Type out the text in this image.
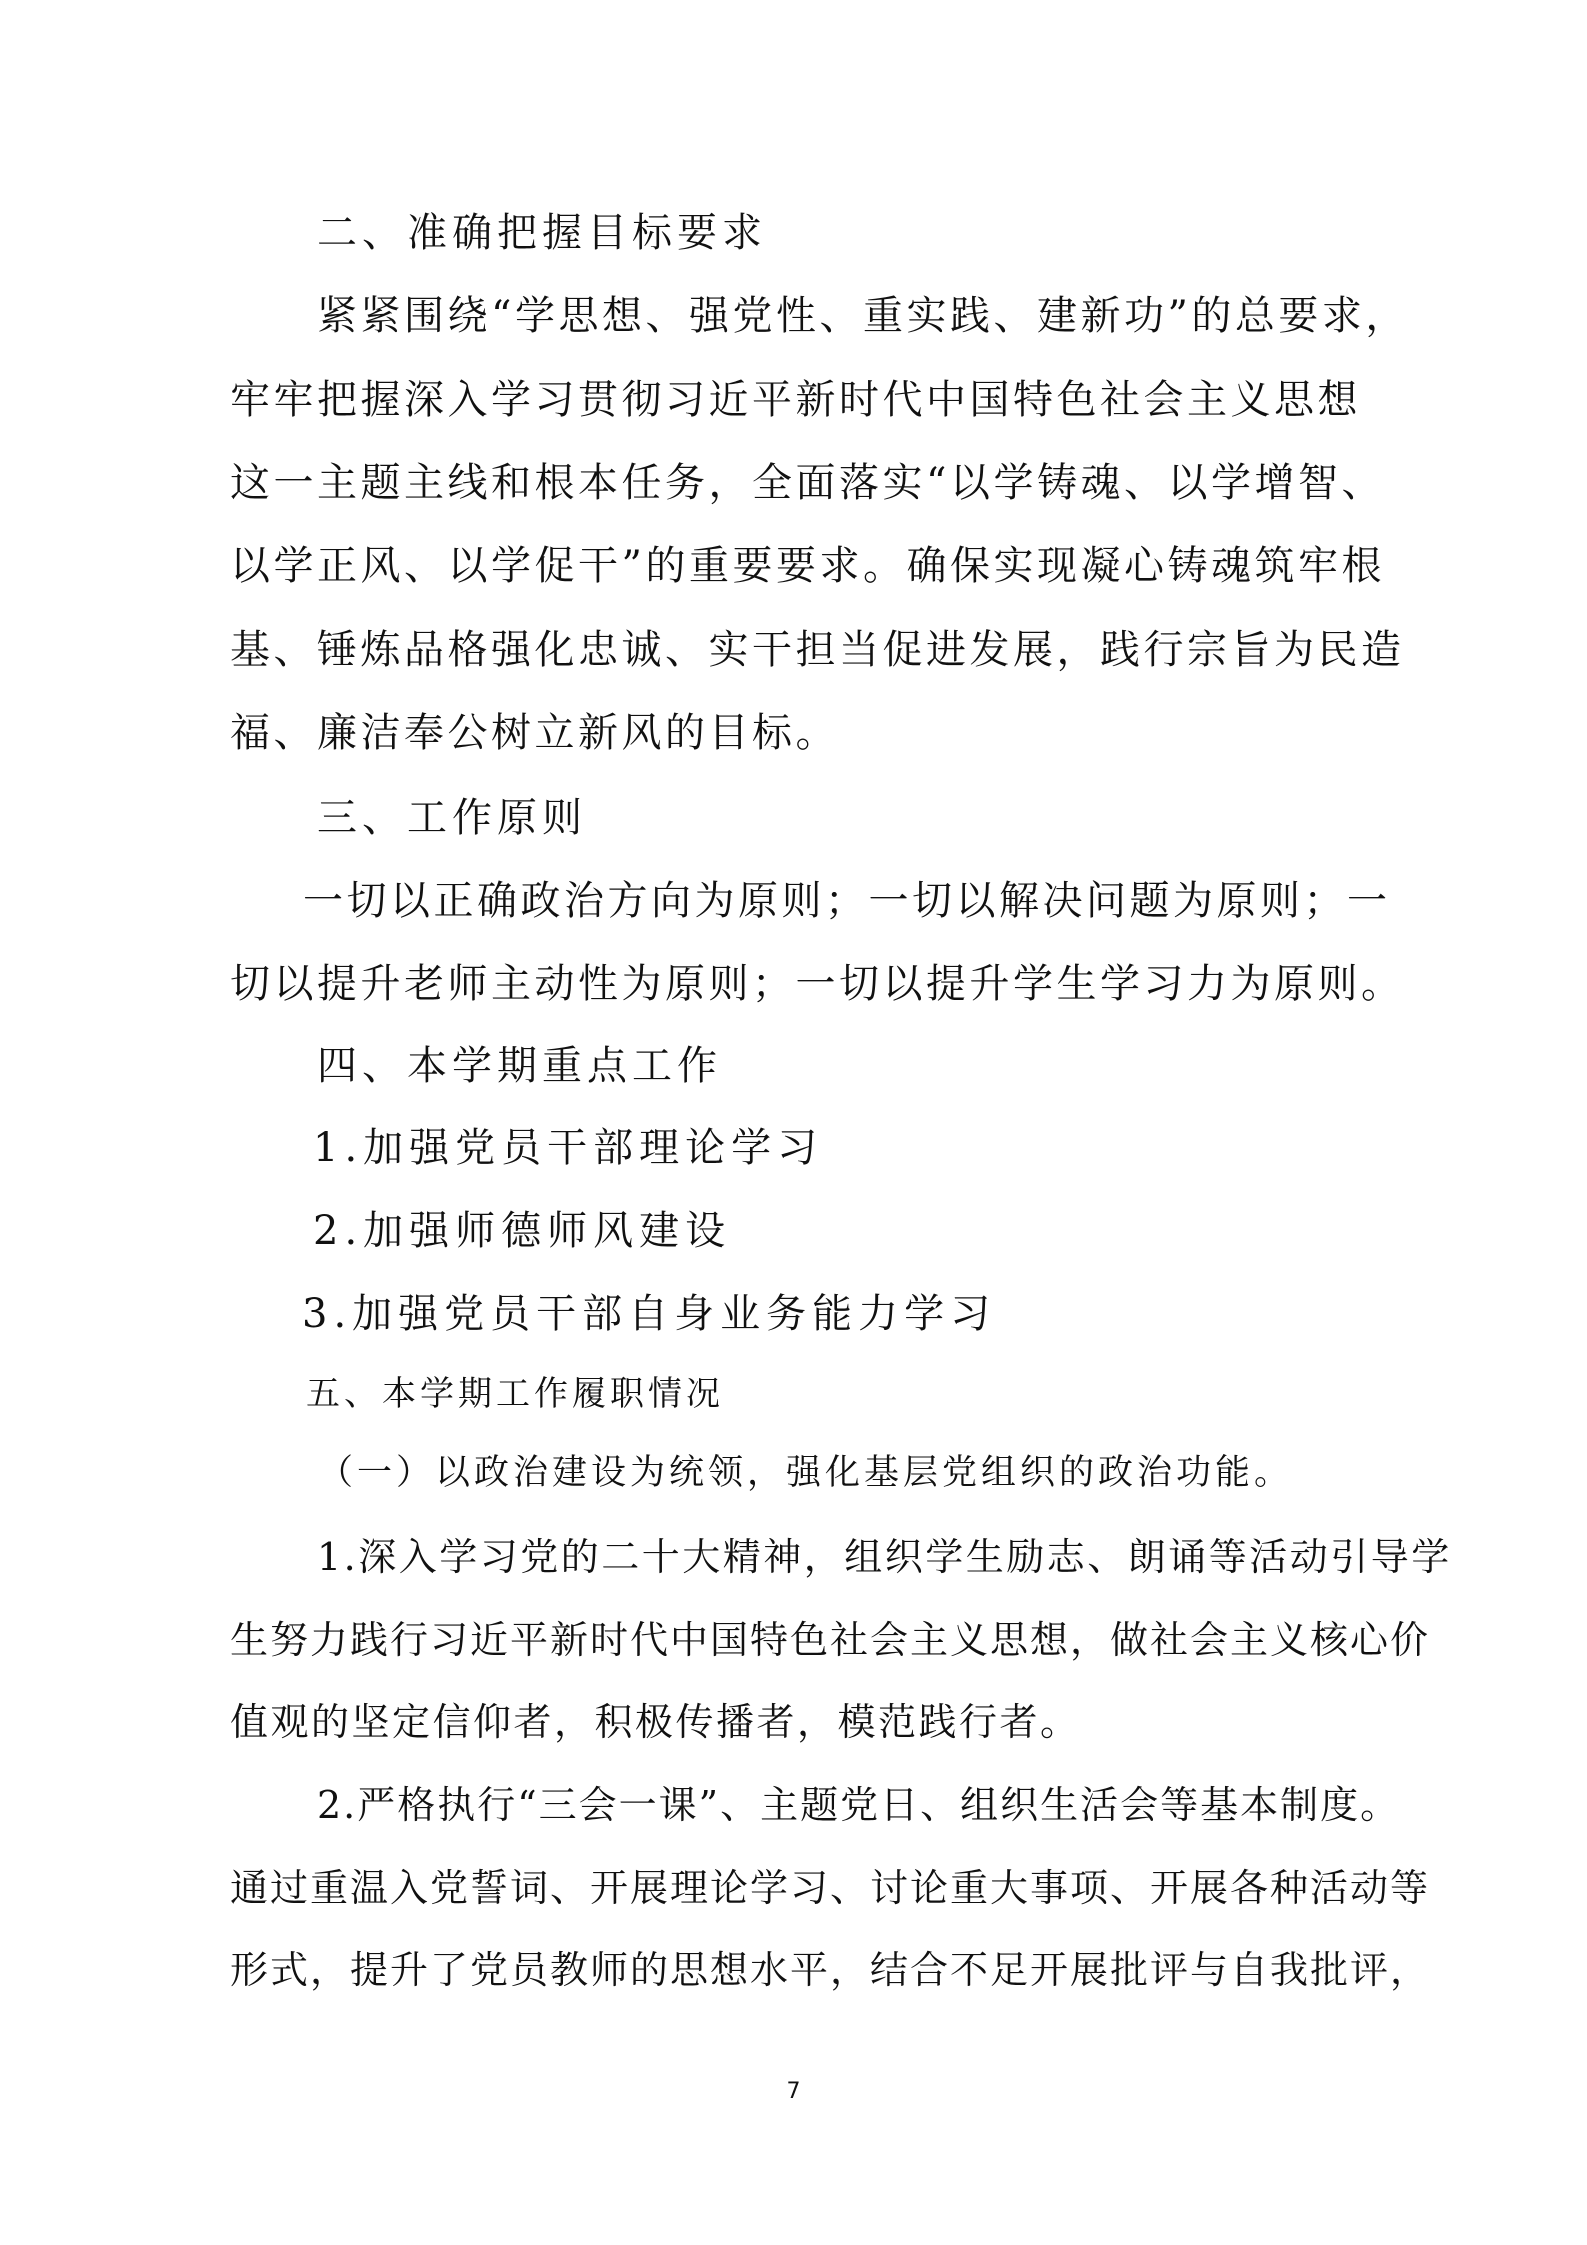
二、准确把握目标要求
紧紧围绕“学思想、强党性、重实践、建新功”的总要求，
牢牢把握深入学习贯彻习近平新时代中国特色社会主义思想
这一主题主线和根本任务，全面落实“以学铸魂、以学增智、
以学正风、以学促干”的重要要求。确保实现凝心铸魂筑牢根
基、锤炼品格强化忠诚、实干担当促进发展，践行宗旨为民造
福、廉洁奉公树立新风的目标。
三、工作原则
一切以正确政治方向为原则；一切以解决问题为原则；一
切以提升老师主动性为原则；一切以提升学生学习力为原则。
四、本学期重点工作
1.加强党员干部理论学习
2.加强师德师风建设
3.加强党员干部自身业务能力学习
五、本学期工作履职情况
（一）以政治建设为统领，强化基层党组织的政治功能。
1.深入学习党的二十大精神，组织学生励志、朗诵等活动引导学
生努力践行习近平新时代中国特色社会主义思想，做社会主义核心价
值观的坚定信仰者，积极传播者，模范践行者。
2.严格执行“三会一课”、主题党日、组织生活会等基本制度。
通过重温入党誓词、开展理论学习、讨论重大事项、开展各种活动等
形式，提升了党员教师的思想水平，结合不足开展批评与自我批评，
7
